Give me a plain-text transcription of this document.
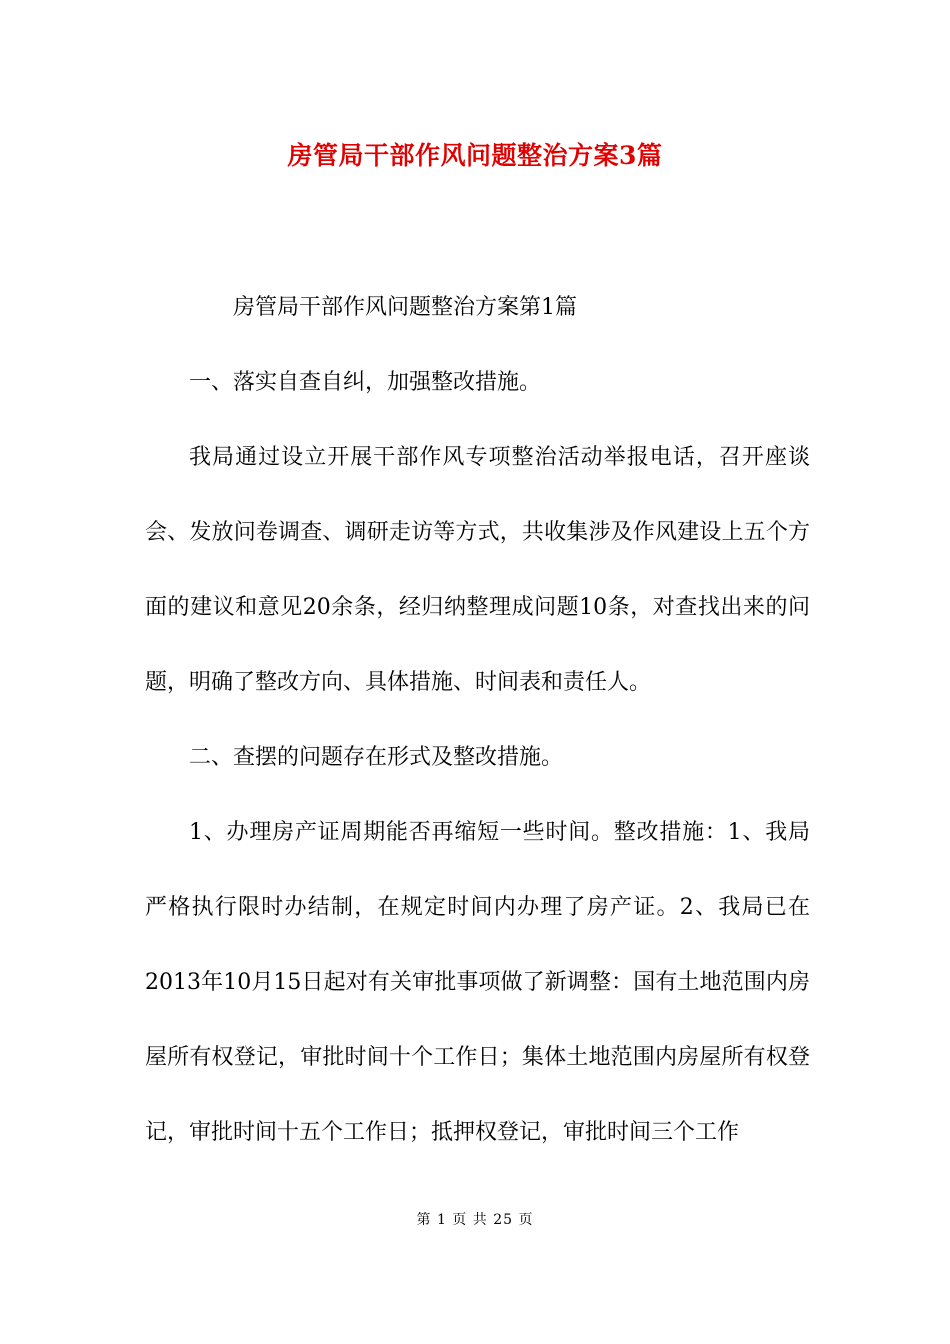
房管局干部作风问题整治方案3篇

房管局干部作风问题整治方案第1篇

一、落实自查自纠，加强整改措施。

我局通过设立开展干部作风专项整治活动举报电话，召开座谈会、发放问卷调查、调研走访等方式，共收集涉及作风建设上五个方面的建议和意见20余条，经归纳整理成问题10条，对查找出来的问题，明确了整改方向、具体措施、时间表和责任人。

二、查摆的问题存在形式及整改措施。

1、办理房产证周期能否再缩短一些时间。整改措施：1、我局严格执行限时办结制，在规定时间内办理了房产证。2、我局已在2013年10月15日起对有关审批事项做了新调整：国有土地范围内房屋所有权登记，审批时间十个工作日；集体土地范围内房屋所有权登记，审批时间十五个工作日；抵押权登记，审批时间三个工作

第 1 页 共 25 页
